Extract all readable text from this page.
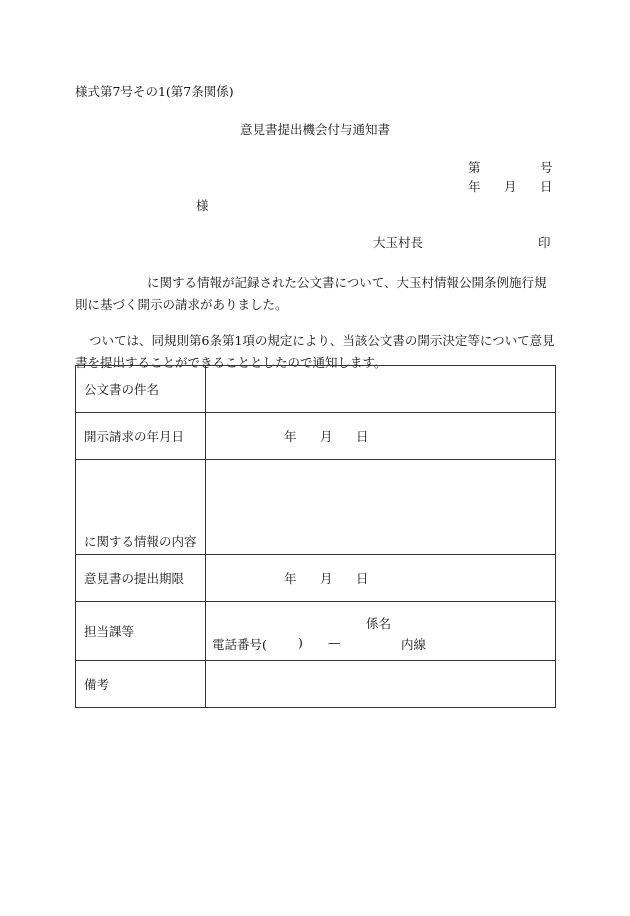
様式第7号その1(第7条関係)
意見書提出機会付与通知書
第	号
年 月 日
様
大玉村長	印
に関する情報が記録された公文書について、大玉村情報公開条例施行規則に基づく開示の請求がありました。
ついては、同規則第6条第1項の規定により、当該公文書の開示決定等について意見書を提出することができることとしたので通知します。
公文書の件名	
開示請求の年月日	年 月 日

に関する情報の内容	
意見書の提出期限	年 月 日

担当課等	係名
電話番号( ) — 内線

備考	
